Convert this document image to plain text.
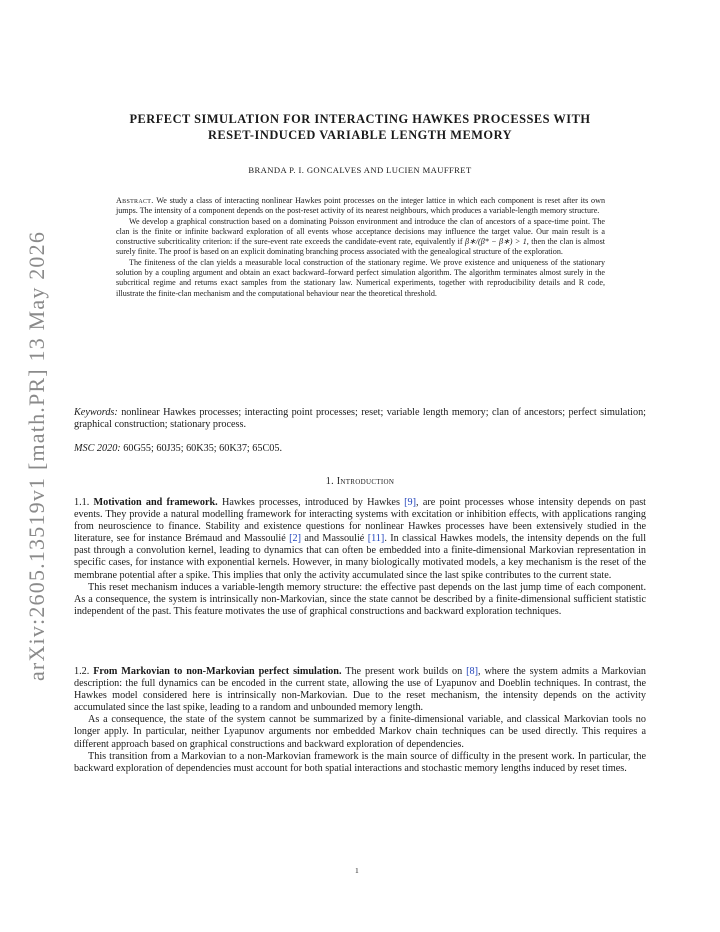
arXiv:2605.13519v1 [math.PR] 13 May 2026
PERFECT SIMULATION FOR INTERACTING HAWKES PROCESSES WITH
RESET-INDUCED VARIABLE LENGTH MEMORY
BRANDA P. I. GONCALVES AND LUCIEN MAUFFRET

Abstract. We study a class of interacting nonlinear Hawkes point processes on the integer lattice in which each component is reset after its own jumps. The intensity of a component depends on the post-reset activity of its nearest neighbours, which produces a variable-length memory structure.

We develop a graphical construction based on a dominating Poisson environment and introduce the clan of ancestors of a space-time point. The clan is the finite or infinite backward exploration of all events whose acceptance decisions may influence the target value. Our main result is a constructive subcriticality criterion: if the sure-event rate exceeds the candidate-event rate, equivalently if β∗/(β* − β∗) > 1, then the clan is almost surely finite. The proof is based on an explicit dominating branching process associated with the genealogical structure of the exploration.

The finiteness of the clan yields a measurable local construction of the stationary regime. We prove existence and uniqueness of the stationary solution by a coupling argument and obtain an exact backward–forward perfect simulation algorithm. The algorithm terminates almost surely in the subcritical regime and returns exact samples from the stationary law. Numerical experiments, together with reproducibility details and R code, illustrate the finite-clan mechanism and the computational behaviour near the theoretical threshold.

Keywords: nonlinear Hawkes processes; interacting point processes; reset; variable length memory; clan of ancestors; perfect simulation; graphical construction; stationary process.

MSC 2020: 60G55; 60J35; 60K35; 60K37; 65C05.

1. Introduction

1.1. Motivation and framework. Hawkes processes, introduced by Hawkes [9], are point processes whose intensity depends on past events. They provide a natural modelling framework for interacting systems with excitation or inhibition effects, with applications ranging from neuroscience to finance. Stability and existence questions for nonlinear Hawkes processes have been extensively studied in the literature, see for instance Brémaud and Massoulié [2] and Massoulié [11]. In classical Hawkes models, the intensity depends on the full past through a convolution kernel, leading to dynamics that can often be embedded into a finite-dimensional Markovian representation in specific cases, for instance with exponential kernels. However, in many biologically motivated models, a key mechanism is the reset of the membrane potential after a spike. This implies that only the activity accumulated since the last spike contributes to the current state.

This reset mechanism induces a variable-length memory structure: the effective past depends on the last jump time of each component. As a consequence, the system is intrinsically non-Markovian, since the state cannot be described by a finite-dimensional sufficient statistic independent of the past. This feature motivates the use of graphical constructions and backward exploration techniques.

1.2. From Markovian to non-Markovian perfect simulation. The present work builds on [8], where the system admits a Markovian description: the full dynamics can be encoded in the current state, allowing the use of Lyapunov and Doeblin techniques. In contrast, the Hawkes model considered here is intrinsically non-Markovian. Due to the reset mechanism, the intensity depends on the activity accumulated since the last spike, leading to a random and unbounded memory length.

As a consequence, the state of the system cannot be summarized by a finite-dimensional variable, and classical Markovian tools no longer apply. In particular, neither Lyapunov arguments nor embedded Markov chain techniques can be used directly. This requires a different approach based on graphical constructions and backward exploration of dependencies.

This transition from a Markovian to a non-Markovian framework is the main source of difficulty in the present work. In particular, the backward exploration of dependencies must account for both spatial interactions and stochastic memory lengths induced by reset times.

1
